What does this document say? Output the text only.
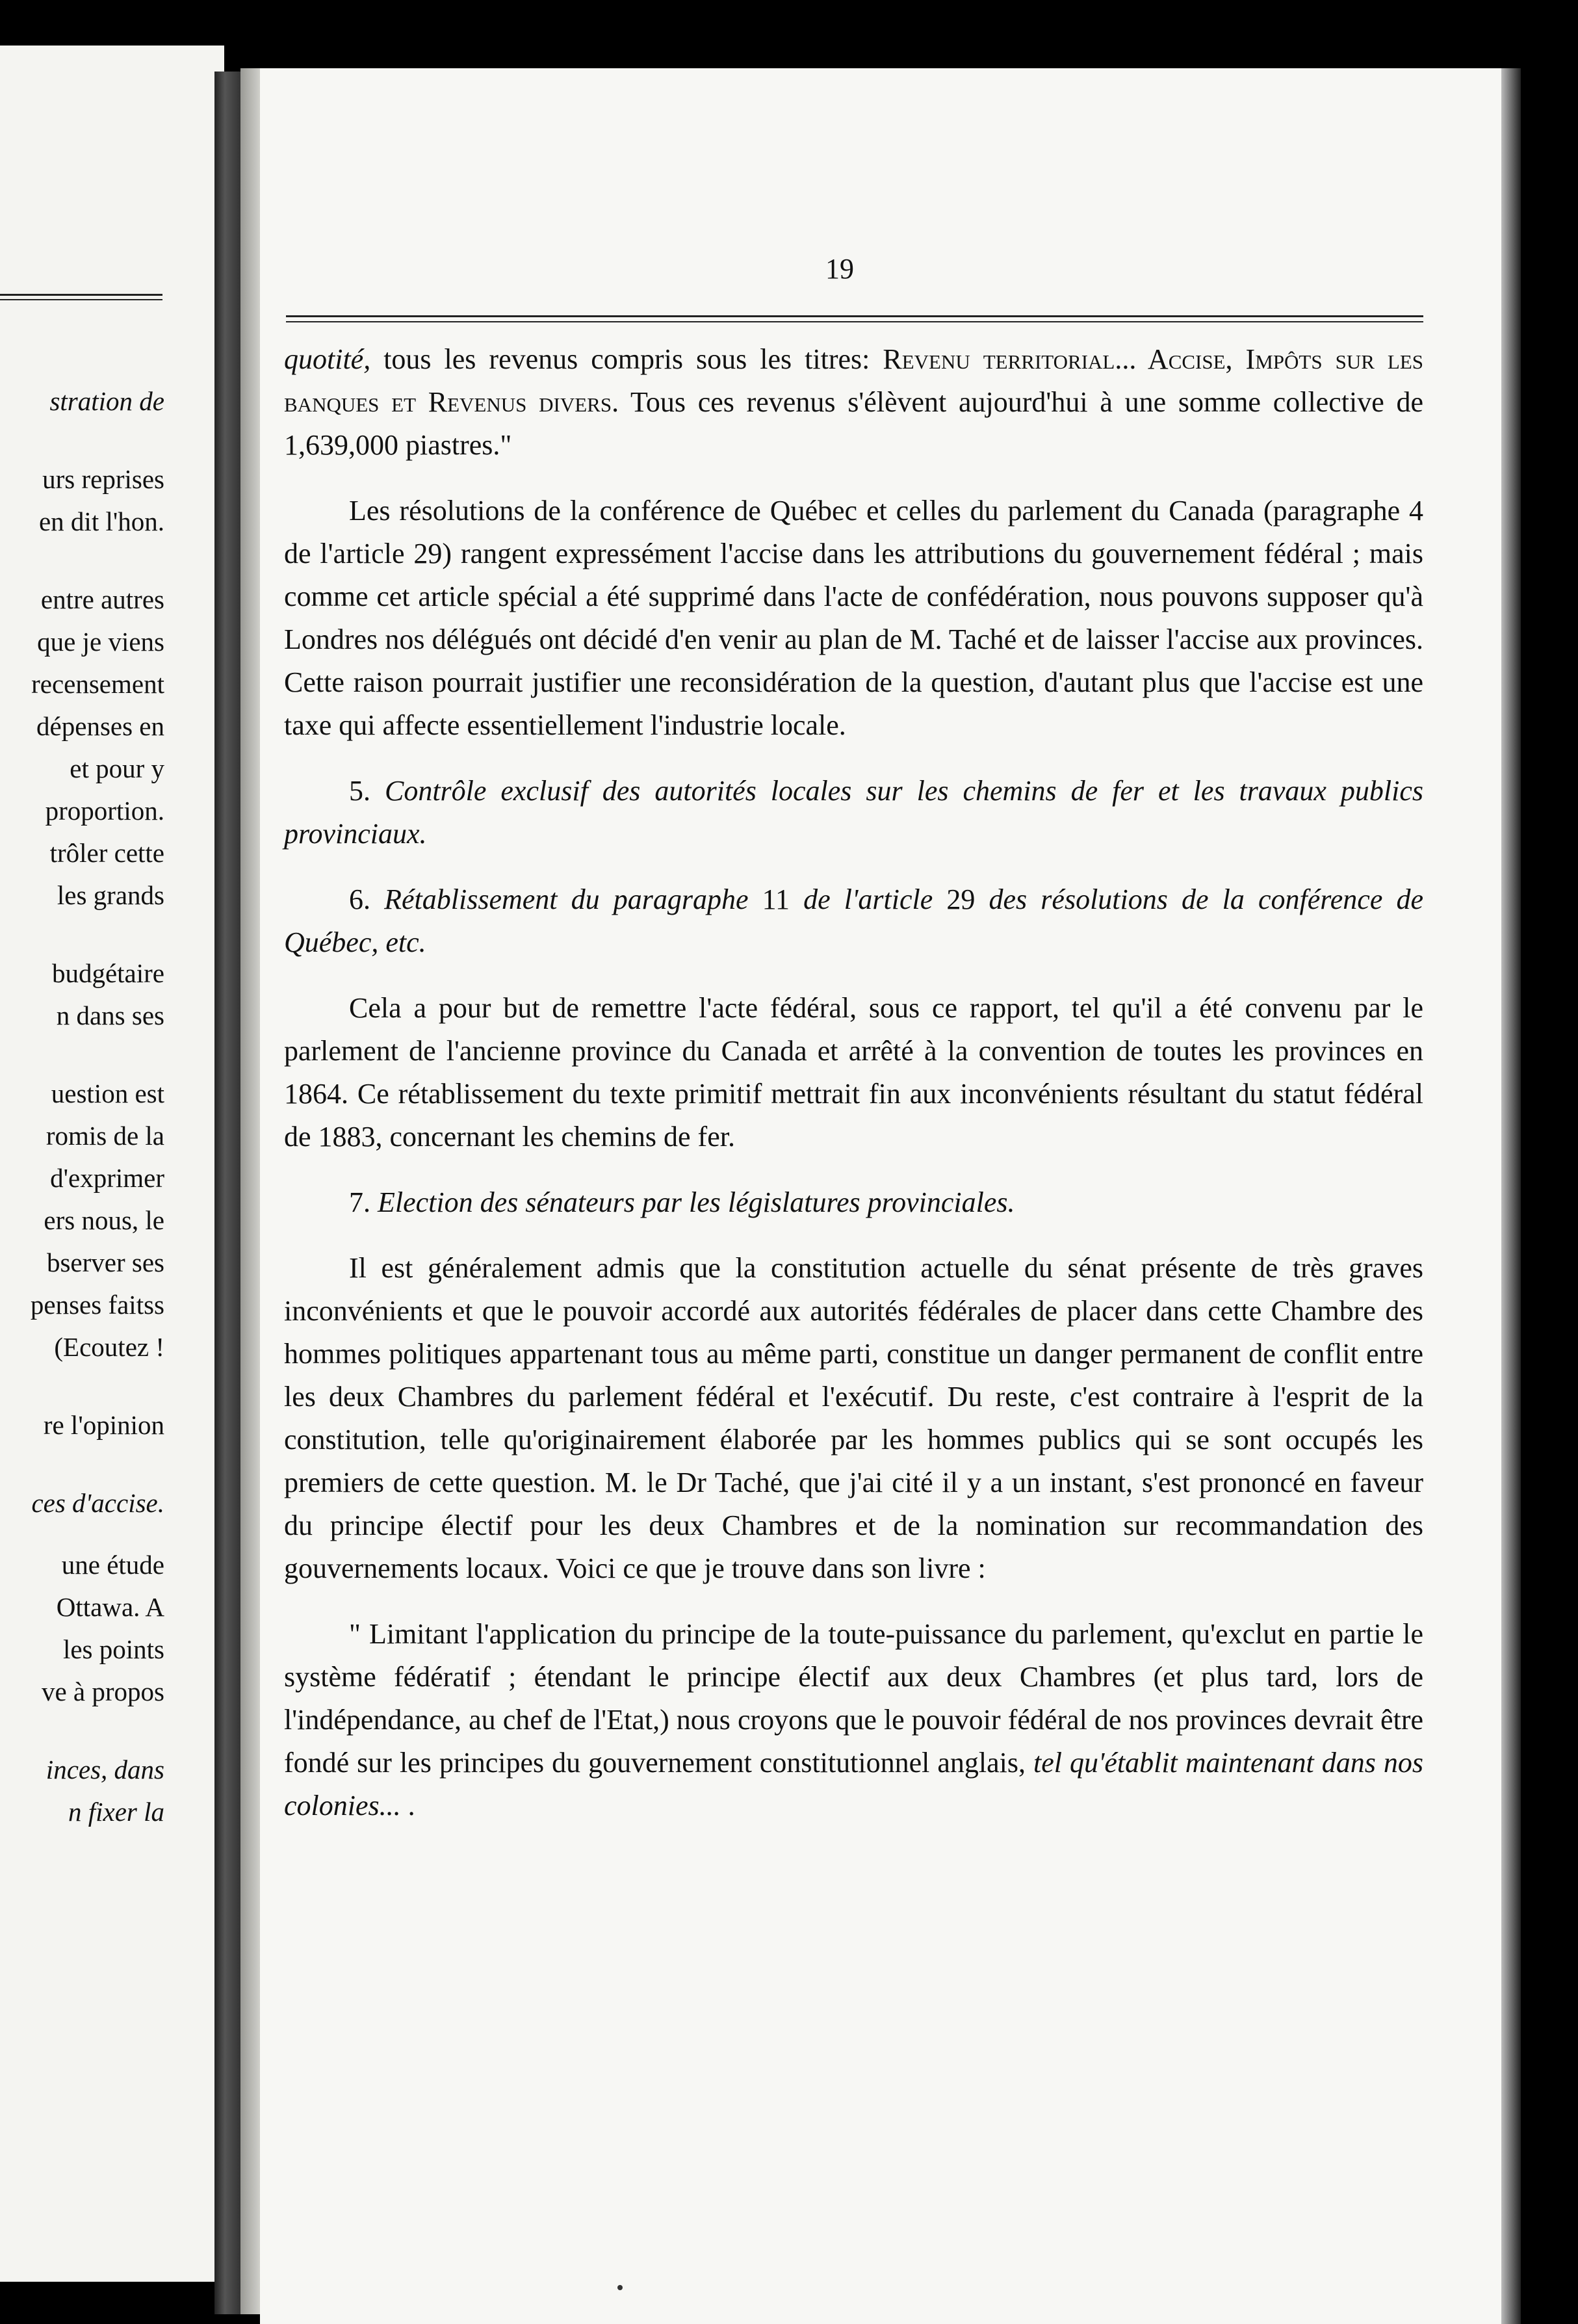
stration de
urs reprises
en dit l'hon.
entre autres
que je viens
recensement
dépenses en
et pour y
proportion.
trôler cette
les grands
budgétaire
n dans ses
uestion est
romis de la
d'exprimer
ers nous, le
bserver ses
penses faitss
(Ecoutez !
re l'opinion
ces d'accise.
une étude
Ottawa. A
les points
ve à propos
inces, dans
n fixer la
19

quotité, tous les revenus compris sous les titres: Revenu territorial... Accise, Impôts sur les banques et Revenus divers. Tous ces revenus s'élèvent aujourd'hui à une somme collective de 1,639,000 piastres."

Les résolutions de la conférence de Québec et celles du parlement du Canada (paragraphe 4 de l'article 29) rangent expressément l'accise dans les attributions du gouvernement fédéral ; mais comme cet article spécial a été supprimé dans l'acte de confédération, nous pouvons supposer qu'à Londres nos délégués ont décidé d'en venir au plan de M. Taché et de laisser l'accise aux provinces. Cette raison pourrait justifier une reconsidération de la question, d'autant plus que l'accise est une taxe qui affecte essentiellement l'industrie locale.

5. Contrôle exclusif des autorités locales sur les chemins de fer et les travaux publics provinciaux.

6. Rétablissement du paragraphe 11 de l'article 29 des résolutions de la conférence de Québec, etc.

Cela a pour but de remettre l'acte fédéral, sous ce rapport, tel qu'il a été convenu par le parlement de l'ancienne province du Canada et arrêté à la convention de toutes les provinces en 1864. Ce rétablissement du texte primitif mettrait fin aux inconvénients résultant du statut fédéral de 1883, concernant les chemins de fer.

7. Election des sénateurs par les législatures provinciales.

Il est généralement admis que la constitution actuelle du sénat présente de très graves inconvénients et que le pouvoir accordé aux autorités fédérales de placer dans cette Chambre des hommes politiques appartenant tous au même parti, constitue un danger permanent de conflit entre les deux Chambres du parlement fédéral et l'exécutif. Du reste, c'est contraire à l'esprit de la constitution, telle qu'originairement élaborée par les hommes publics qui se sont occupés les premiers de cette question. M. le Dr Taché, que j'ai cité il y a un instant, s'est prononcé en faveur du principe électif pour les deux Chambres et de la nomination sur recommandation des gouvernements locaux. Voici ce que je trouve dans son livre :

" Limitant l'application du principe de la toute-puissance du parlement, qu'exclut en partie le système fédératif ; étendant le principe électif aux deux Chambres (et plus tard, lors de l'indépendance, au chef de l'Etat,) nous croyons que le pouvoir fédéral de nos provinces devrait être fondé sur les principes du gouvernement constitutionnel anglais, tel qu'établit maintenant dans nos colonies... .
